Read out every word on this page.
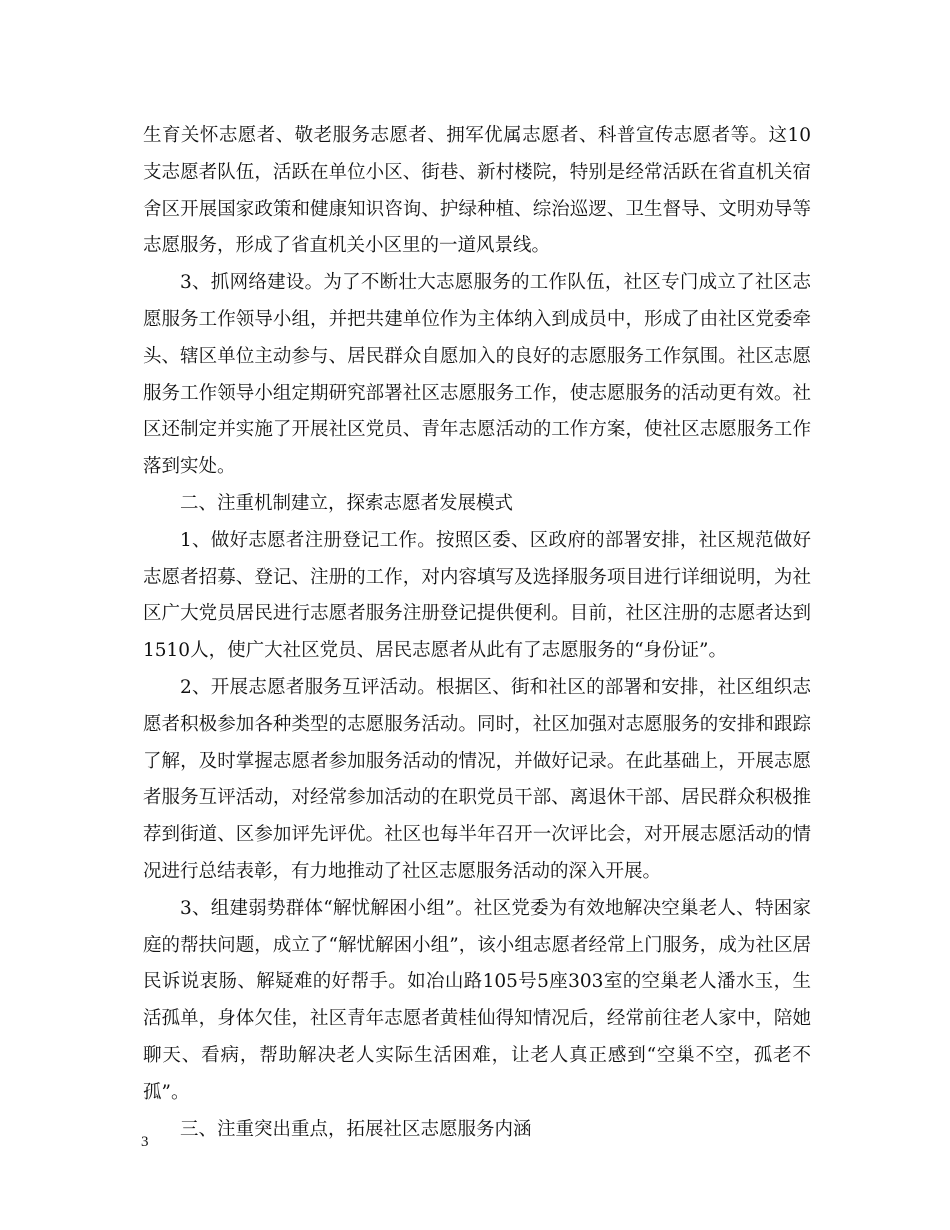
生育关怀志愿者、敬老服务志愿者、拥军优属志愿者、科普宣传志愿者等。这10支志愿者队伍，活跃在单位小区、街巷、新村楼院，特别是经常活跃在省直机关宿舍区开展国家政策和健康知识咨询、护绿种植、综治巡逻、卫生督导、文明劝导等志愿服务，形成了省直机关小区里的一道风景线。

3、抓网络建设。为了不断壮大志愿服务的工作队伍，社区专门成立了社区志愿服务工作领导小组，并把共建单位作为主体纳入到成员中，形成了由社区党委牵头、辖区单位主动参与、居民群众自愿加入的良好的志愿服务工作氛围。社区志愿服务工作领导小组定期研究部署社区志愿服务工作，使志愿服务的活动更有效。社区还制定并实施了开展社区党员、青年志愿活动的工作方案，使社区志愿服务工作落到实处。

二、注重机制建立，探索志愿者发展模式

1、做好志愿者注册登记工作。按照区委、区政府的部署安排，社区规范做好志愿者招募、登记、注册的工作，对内容填写及选择服务项目进行详细说明，为社区广大党员居民进行志愿者服务注册登记提供便利。目前，社区注册的志愿者达到1510人，使广大社区党员、居民志愿者从此有了志愿服务的“身份证”。

2、开展志愿者服务互评活动。根据区、街和社区的部署和安排，社区组织志愿者积极参加各种类型的志愿服务活动。同时，社区加强对志愿服务的安排和跟踪了解，及时掌握志愿者参加服务活动的情况，并做好记录。在此基础上，开展志愿者服务互评活动，对经常参加活动的在职党员干部、离退休干部、居民群众积极推荐到街道、区参加评先评优。社区也每半年召开一次评比会，对开展志愿活动的情况进行总结表彰，有力地推动了社区志愿服务活动的深入开展。

3、组建弱势群体“解忧解困小组”。社区党委为有效地解决空巢老人、特困家庭的帮扶问题，成立了“解忧解困小组”，该小组志愿者经常上门服务，成为社区居民诉说衷肠、解疑难的好帮手。如冶山路105号5座303室的空巢老人潘水玉，生活孤单，身体欠佳，社区青年志愿者黄桂仙得知情况后，经常前往老人家中，陪她聊天、看病，帮助解决老人实际生活困难，让老人真正感到“空巢不空，孤老不孤”。

三、注重突出重点，拓展社区志愿服务内涵

3
